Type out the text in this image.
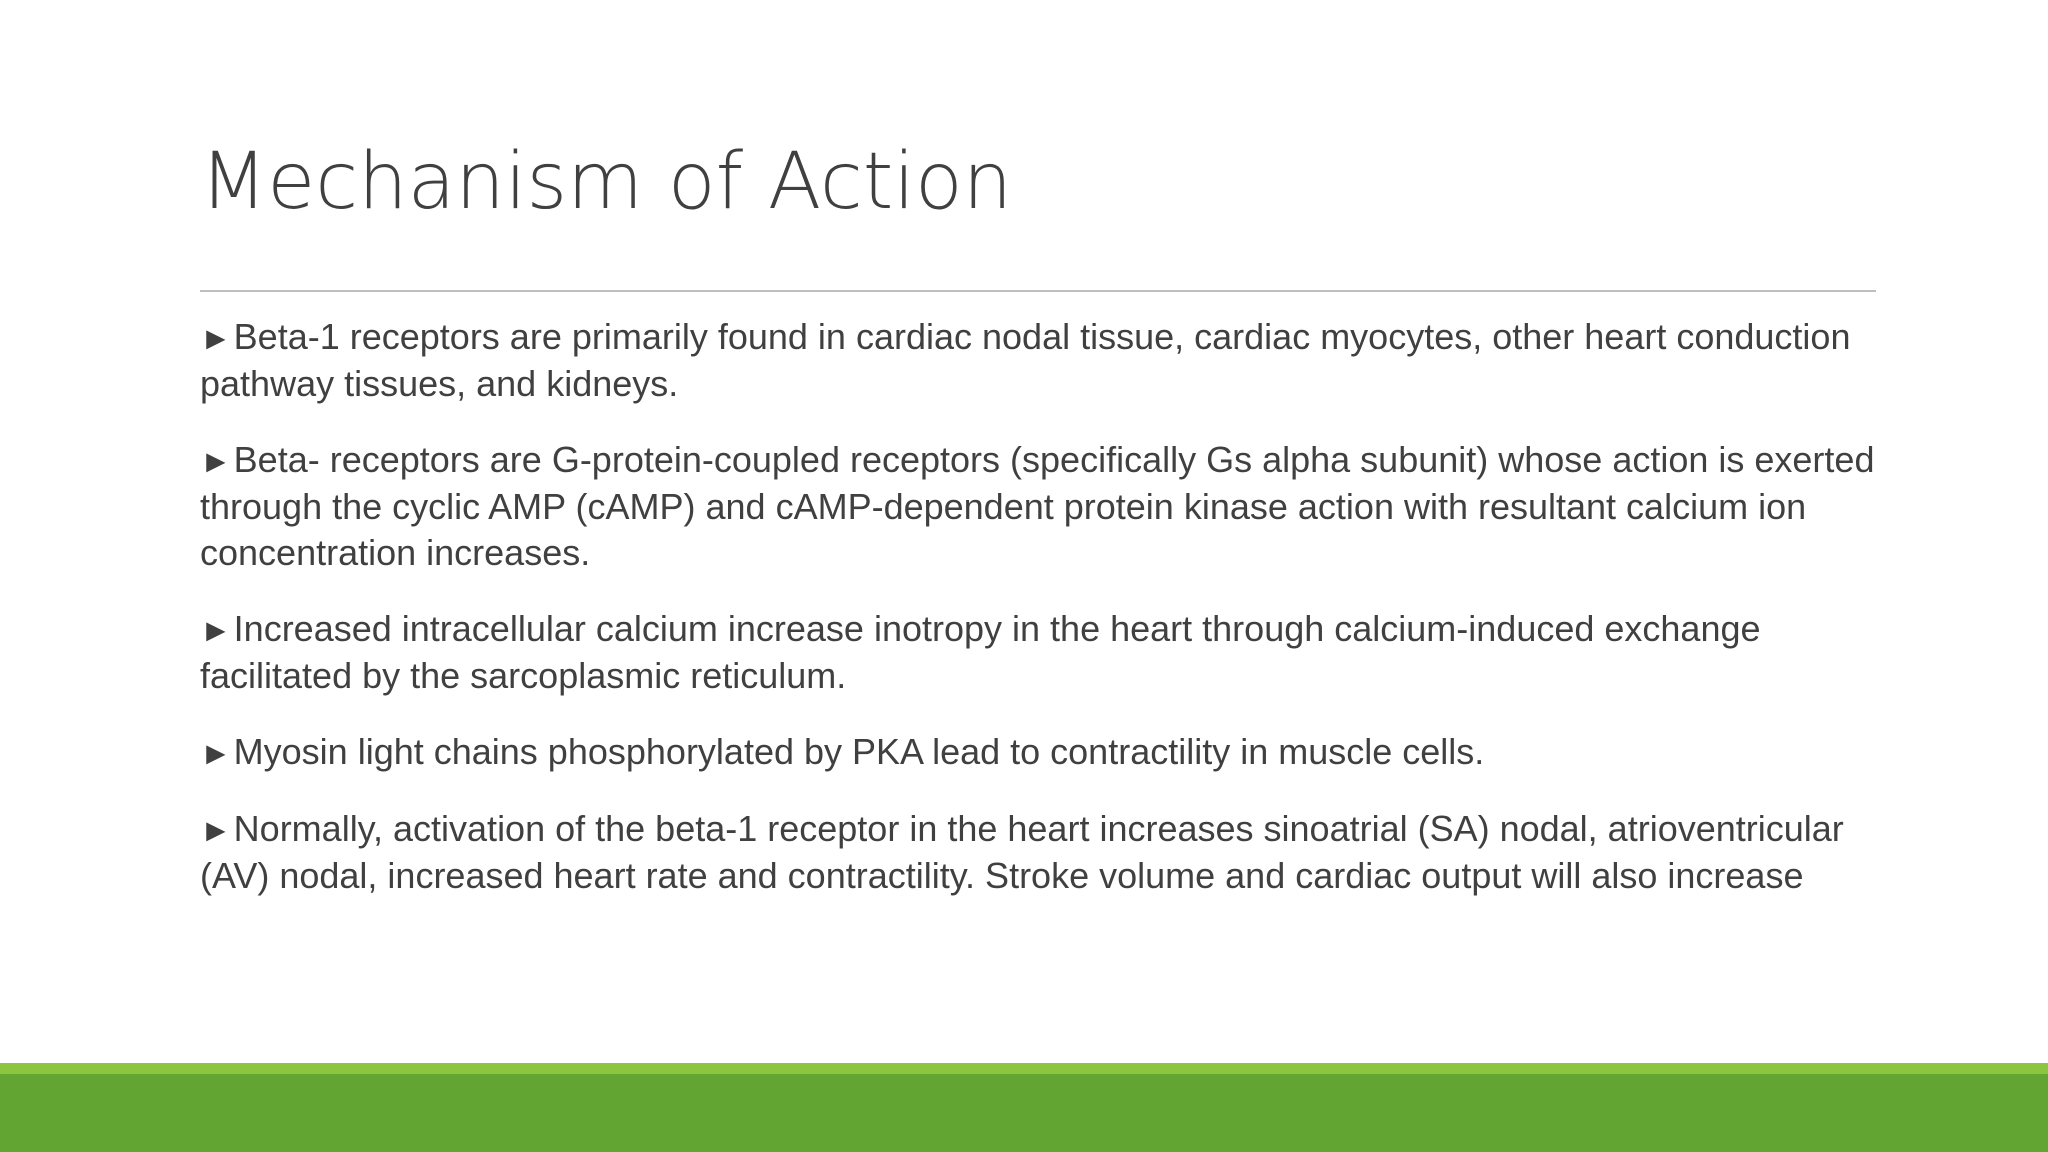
Mechanism of Action
►Beta-1 receptors are primarily found in cardiac nodal tissue, cardiac myocytes, other heart conduction pathway tissues, and kidneys.
►Beta- receptors are G-protein-coupled receptors (specifically Gs alpha subunit) whose action is exerted through the cyclic AMP (cAMP) and cAMP-dependent protein kinase action with resultant calcium ion concentration increases.
►Increased intracellular calcium increase inotropy in the heart through calcium-induced exchange facilitated by the sarcoplasmic reticulum.
►Myosin light chains phosphorylated by PKA lead to contractility in muscle cells.
►Normally, activation of the beta-1 receptor in the heart increases sinoatrial (SA) nodal, atrioventricular (AV) nodal, increased heart rate and contractility. Stroke volume and cardiac output will also increase
